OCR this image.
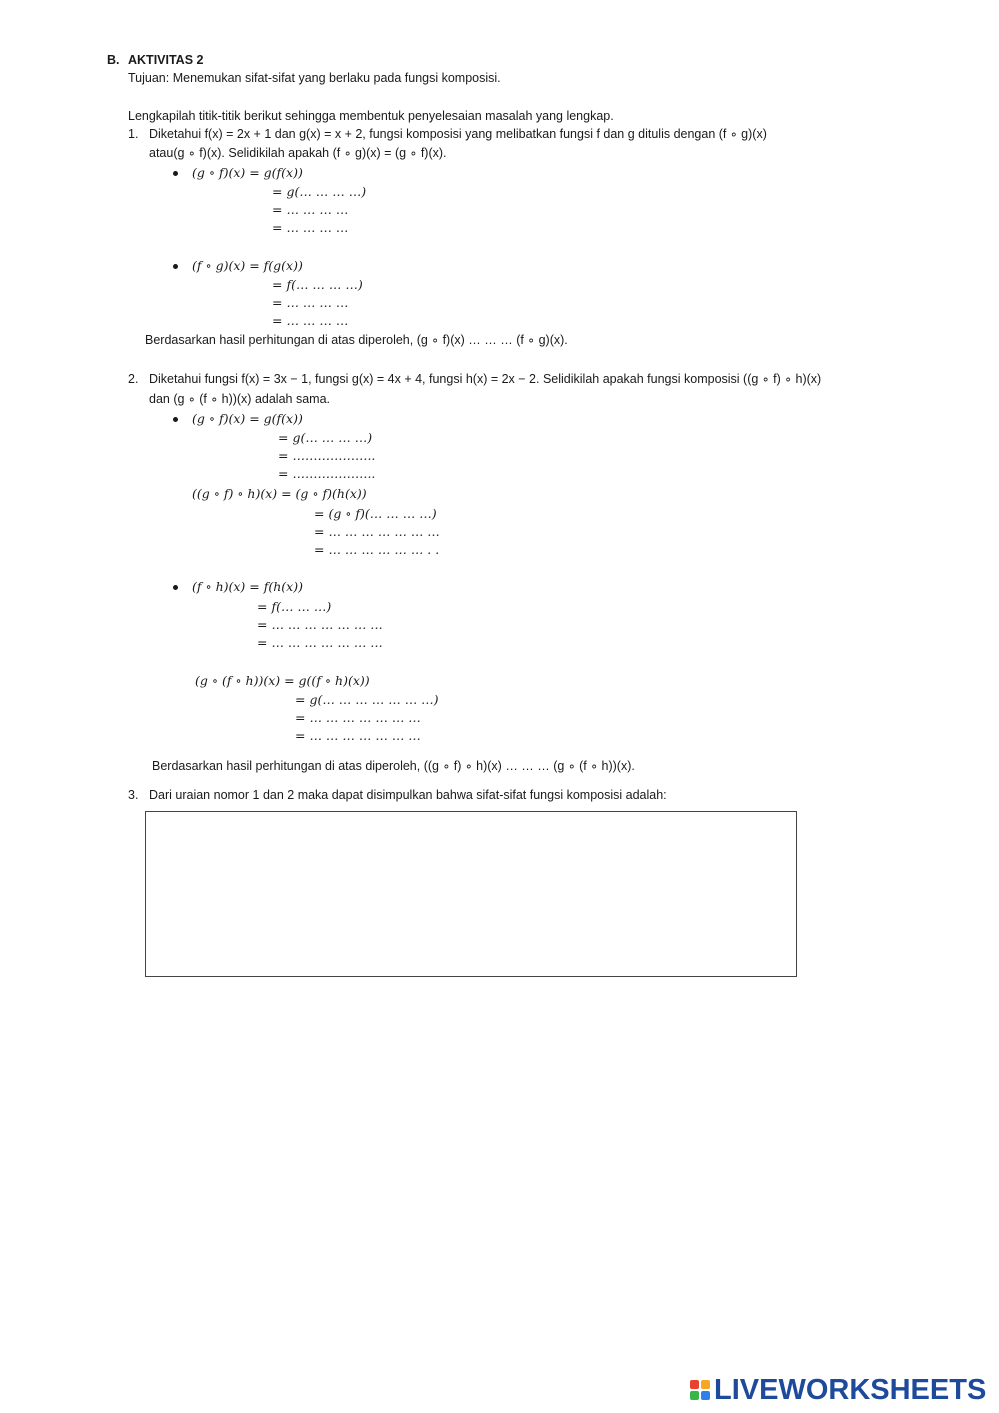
B. AKTIVITAS 2
Tujuan: Menemukan sifat-sifat yang berlaku pada fungsi komposisi.
Lengkapilah titik-titik berikut sehingga membentuk penyelesaian masalah yang lengkap.
1. Diketahui f(x) = 2x + 1 dan g(x) = x + 2, fungsi komposisi yang melibatkan fungsi f dan g ditulis dengan (f ∘ g)(x)
atau(g ∘ f)(x). Selidikilah apakah (f ∘ g)(x) = (g ∘ f)(x).
(g ∘ f)(x) = g(f(x))
= g(… … … …)
= … … … …
= … … … …
(f ∘ g)(x) = f(g(x))
= f(… … … …)
= … … … …
= … … … …
Berdasarkan hasil perhitungan di atas diperoleh, (g ∘ f)(x) … … … (f ∘ g)(x).
2. Diketahui fungsi f(x) = 3x − 1, fungsi g(x) = 4x + 4, fungsi h(x) = 2x − 2. Selidikilah apakah fungsi komposisi ((g ∘ f) ∘ h)(x)
dan (g ∘ (f ∘ h))(x) adalah sama.
(g ∘ f)(x) = g(f(x))
= g(… … … …)
= ………………..
= ………………..
((g ∘ f) ∘ h)(x) = (g ∘ f)(h(x))
= (g ∘ f)(… … … …)
= … … … … … … …
= … … … … … … . .
(f ∘ h)(x) = f(h(x))
= f(… … …)
= … … … … … … …
= … … … … … … …
(g ∘ (f ∘ h))(x) = g((f ∘ h)(x))
= g(… … … … … … …)
= … … … … … … …
= … … … … … … …
Berdasarkan hasil perhitungan di atas diperoleh, ((g ∘ f) ∘ h)(x) … … … (g ∘ (f ∘ h))(x).
3. Dari uraian nomor 1 dan 2 maka dapat disimpulkan bahwa sifat-sifat fungsi komposisi adalah:
LIVEWORKSHEETS
